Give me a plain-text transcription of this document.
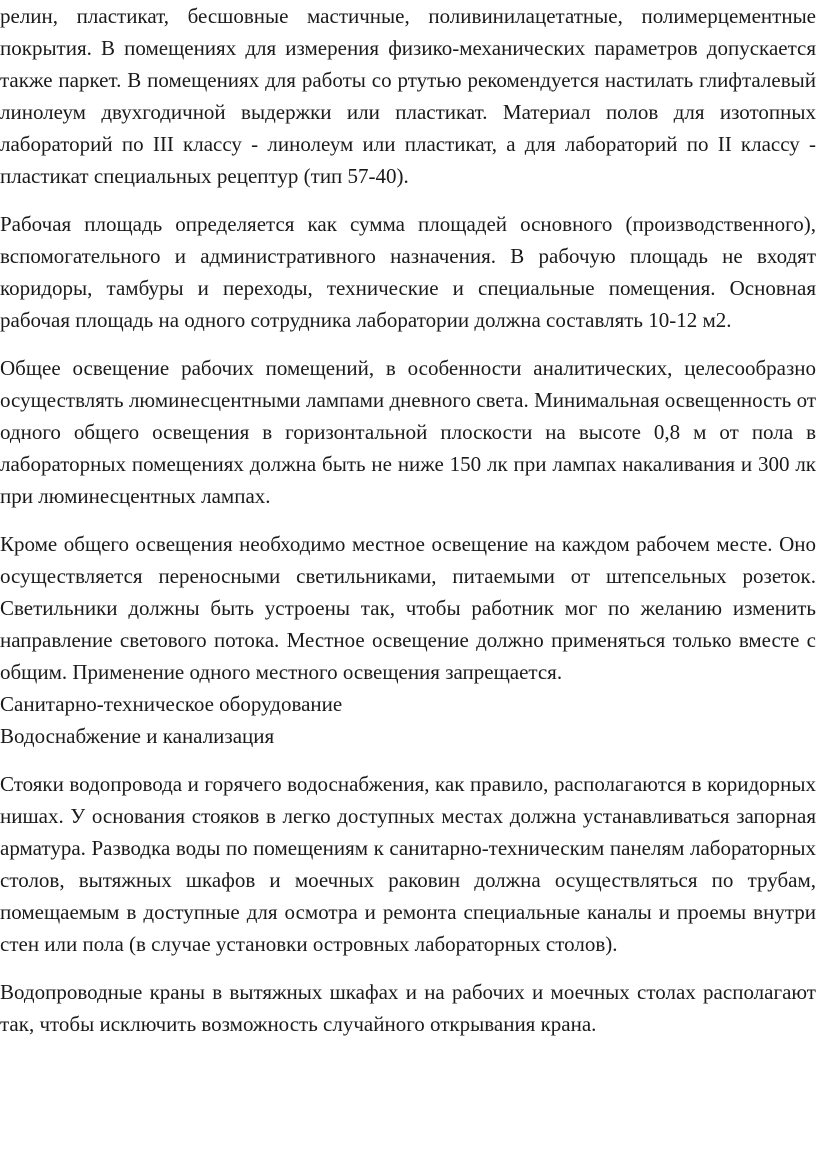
релин, пластикат, бесшовные мастичные, поливинилацетатные, полимерцементные покрытия. В помещениях для измерения физико-механических параметров допускается также паркет. В помещениях для работы со ртутью рекомендуется настилать глифталевый линолеум двухгодичной выдержки или пластикат. Материал полов для изотопных лабораторий по III классу - линолеум или пластикат, а для лабораторий по II классу - пластикат специальных рецептур (тип 57-40).

Рабочая площадь определяется как сумма площадей основного (производственного), вспомогательного и административного назначения. В рабочую площадь не входят коридоры, тамбуры и переходы, технические и специальные помещения. Основная рабочая площадь на одного сотрудника лаборатории должна составлять 10-12 м2.

Общее освещение рабочих помещений, в особенности аналитических, целесообразно осуществлять люминесцентными лампами дневного света. Минимальная освещенность от одного общего освещения в горизонтальной плоскости на высоте 0,8 м от пола в лабораторных помещениях должна быть не ниже 150 лк при лампах накаливания и 300 лк при люминесцентных лампах.

Кроме общего освещения необходимо местное освещение на каждом рабочем месте. Оно осуществляется переносными светильниками, питаемыми от штепсельных розеток. Светильники должны быть устроены так, чтобы работник мог по желанию изменить направление светового потока. Местное освещение должно применяться только вместе с общим. Применение одного местного освещения запрещается.

Санитарно-техническое оборудование

Водоснабжение и канализация

Стояки водопровода и горячего водоснабжения, как правило, располагаются в коридорных нишах. У основания стояков в легко доступных местах должна устанавливаться запорная арматура. Разводка воды по помещениям к санитарно-техническим панелям лабораторных столов, вытяжных шкафов и моечных раковин должна осуществляться по трубам, помещаемым в доступные для осмотра и ремонта специальные каналы и проемы внутри стен или пола (в случае установки островных лабораторных столов).

Водопроводные краны в вытяжных шкафах и на рабочих и моечных столах располагают так, чтобы исключить возможность случайного открывания крана.
